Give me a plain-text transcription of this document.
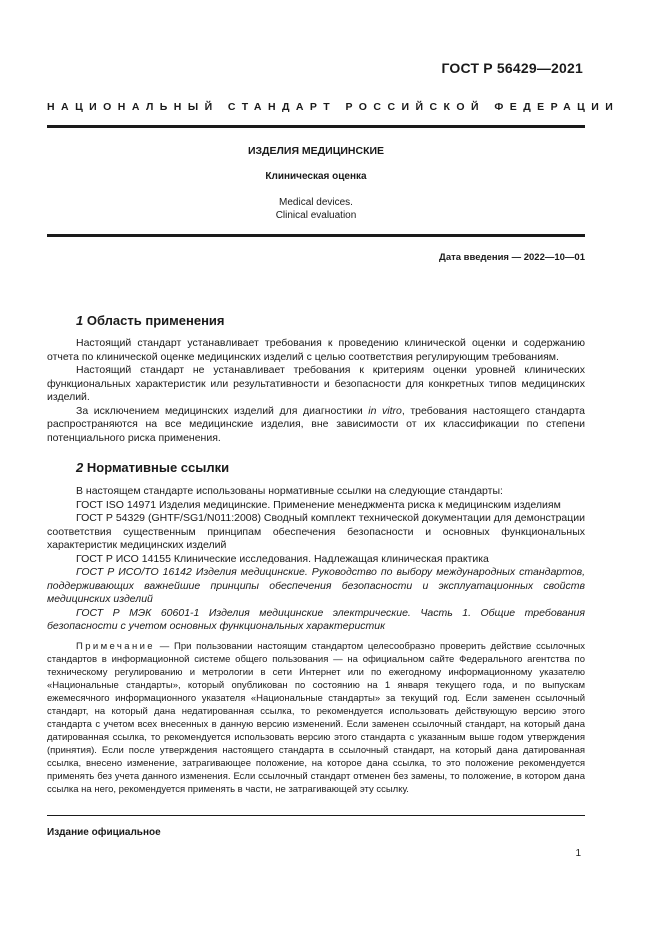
ГОСТ Р 56429—2021
НАЦИОНАЛЬНЫЙ СТАНДАРТ РОССИЙСКОЙ ФЕДЕРАЦИИ
ИЗДЕЛИЯ МЕДИЦИНСКИЕ
Клиническая оценка
Medical devices.
Clinical evaluation
Дата введения — 2022—10—01
1 Область применения

Настоящий стандарт устанавливает требования к проведению клинической оценки и содержанию отчета по клинической оценке медицинских изделий с целью соответствия регулирующим требованиям.

Настоящий стандарт не устанавливает требования к критериям оценки уровней клинических функциональных характеристик или результативности и безопасности для конкретных типов медицинских изделий.

За исключением медицинских изделий для диагностики in vitro, требования настоящего стандарта распространяются на все медицинские изделия, вне зависимости от их классификации по степени потенциального риска применения.

2 Нормативные ссылки

В настоящем стандарте использованы нормативные ссылки на следующие стандарты:

ГОСТ ISO 14971 Изделия медицинские. Применение менеджмента риска к медицинским изделиям

ГОСТ Р 54329 (GHTF/SG1/N011:2008) Сводный комплект технической документации для демонстрации соответствия существенным принципам обеспечения безопасности и основных функциональных характеристик медицинских изделий

ГОСТ Р ИСО 14155 Клинические исследования. Надлежащая клиническая практика

ГОСТ Р ИСО/ТО 16142 Изделия медицинские. Руководство по выбору международных стандартов, поддерживающих важнейшие принципы обеспечения безопасности и эксплуатационных свойств медицинских изделий

ГОСТ Р МЭК 60601-1 Изделия медицинские электрические. Часть 1. Общие требования безопасности с учетом основных функциональных характеристик

Примечание — При пользовании настоящим стандартом целесообразно проверить действие ссылочных стандартов в информационной системе общего пользования — на официальном сайте Федерального агентства по техническому регулированию и метрологии в сети Интернет или по ежегодному информационному указателю «Национальные стандарты», который опубликован по состоянию на 1 января текущего года, и по выпускам ежемесячного информационного указателя «Национальные стандарты» за текущий год. Если заменен ссылочный стандарт, на который дана недатированная ссылка, то рекомендуется использовать действующую версию этого стандарта с учетом всех внесенных в данную версию изменений. Если заменен ссылочный стандарт, на который дана датированная ссылка, то рекомендуется использовать версию этого стандарта с указанным выше годом утверждения (принятия). Если после утверждения настоящего стандарта в ссылочный стандарт, на который дана датированная ссылка, внесено изменение, затрагивающее положение, на которое дана ссылка, то это положение рекомендуется применять без учета данного изменения. Если ссылочный стандарт отменен без замены, то положение, в котором дана ссылка на него, рекомендуется применять в части, не затрагивающей эту ссылку.

Издание официальное
1
